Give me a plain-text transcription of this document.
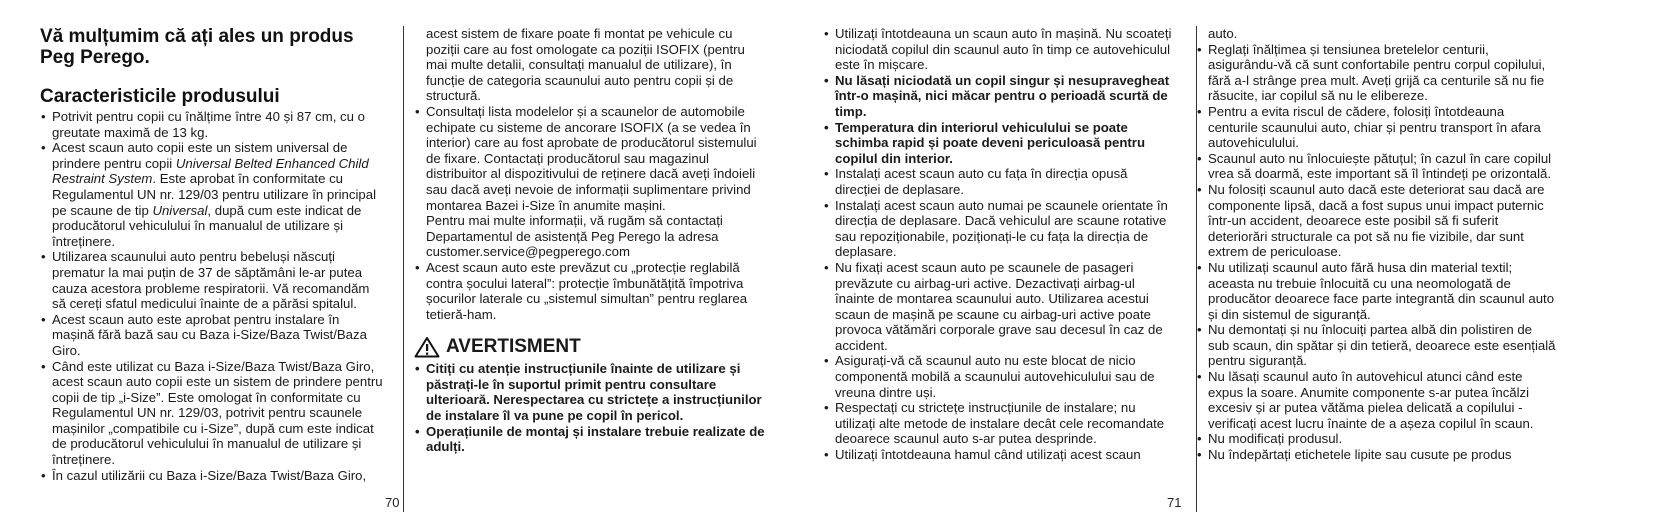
Vă mulțumim că ați ales un produs
Peg Perego.
Caracteristicile produsului
• Potrivit pentru copii cu înălțime între 40 și 87 cm, cu o greutate maximă de 13 kg.
• Acest scaun auto copii este un sistem universal de prindere pentru copii Universal Belted Enhanced Child Restraint System. Este aprobat în conformitate cu Regulamentul UN nr. 129/03 pentru utilizare în principal pe scaune de tip Universal, după cum este indicat de producătorul vehiculului în manualul de utilizare și întreținere.
• Utilizarea scaunului auto pentru bebeluși născuți prematur la mai puțin de 37 de săptămâni le-ar putea cauza acestora probleme respiratorii. Vă recomandăm să cereți sfatul medicului înainte de a părăsi spitalul.
• Acest scaun auto este aprobat pentru instalare în mașină fără bază sau cu Baza i-Size/Baza Twist/Baza Giro.
• Când este utilizat cu Baza i-Size/Baza Twist/Baza Giro, acest scaun auto copii este un sistem de prindere pentru copii de tip „i-Size”. Este omologat în conformitate cu Regulamentul UN nr. 129/03, potrivit pentru scaunele mașinilor „compatibile cu i-Size”, după cum este indicat de producătorul vehiculului în manualul de utilizare și întreținere.
• În cazul utilizării cu Baza i-Size/Baza Twist/Baza Giro,

acest sistem de fixare poate fi montat pe vehicule cu poziții care au fost omologate ca poziții ISOFIX (pentru mai multe detalii, consultați manualul de utilizare), în funcție de categoria scaunului auto pentru copii și de structură.

• Consultați lista modelelor și a scaunelor de automobile echipate cu sisteme de ancorare ISOFIX (a se vedea în interior) care au fost aprobate de producătorul sistemului de fixare. Contactați producătorul sau magazinul distribuitor al dispozitivului de reținere dacă aveți îndoieli sau dacă aveți nevoie de informații suplimentare privind montarea Bazei i-Size în anumite mașini.

Pentru mai multe informații, vă rugăm să contactați Departamentul de asistență Peg Perego la adresa customer.service@pegperego.com

• Acest scaun auto este prevăzut cu „protecție reglabilă contra șocului lateral”: protecție îmbunătățită împotriva șocurilor laterale cu „sistemul simultan” pentru reglarea tetieră-ham.
AVERTISMENT
• Citiți cu atenție instrucțiunile înainte de utilizare și păstrați-le în suportul primit pentru consultare ulterioară. Nerespectarea cu strictețe a instrucțiunilor de instalare îl va pune pe copil în pericol.
• Operațiunile de montaj și instalare trebuie realizate de adulți.
70
• Utilizați întotdeauna un scaun auto în mașină. Nu scoateți niciodată copilul din scaunul auto în timp ce autovehiculul este în mișcare.
• Nu lăsați niciodată un copil singur și nesupravegheat într-o mașină, nici măcar pentru o perioadă scurtă de timp.
• Temperatura din interiorul vehiculului se poate schimba rapid și poate deveni periculoasă pentru copilul din interior.
• Instalați acest scaun auto cu fața în direcția opusă direcției de deplasare.
• Instalați acest scaun auto numai pe scaunele orientate în direcția de deplasare. Dacă vehiculul are scaune rotative sau repoziționabile, poziționați-le cu fața la direcția de deplasare.
• Nu fixați acest scaun auto pe scaunele de pasageri prevăzute cu airbag-uri active. Dezactivați airbag-ul înainte de montarea scaunului auto. Utilizarea acestui scaun de mașină pe scaune cu airbag-uri active poate provoca vătămări corporale grave sau decesul în caz de accident.
• Asigurați-vă că scaunul auto nu este blocat de nicio componentă mobilă a scaunului autovehiculului sau de vreuna dintre uși.
• Respectați cu strictețe instrucțiunile de instalare; nu utilizați alte metode de instalare decât cele recomandate deoarece scaunul auto s-ar putea desprinde.
• Utilizați întotdeauna hamul când utilizați acest scaun

auto.

• Reglați înălțimea și tensiunea bretelelor centurii, asigurându-vă că sunt confortabile pentru corpul copilului, fără a-l strânge prea mult. Aveți grijă ca centurile să nu fie răsucite, iar copilul să nu le elibereze.
• Pentru a evita riscul de cădere, folosiți întotdeauna centurile scaunului auto, chiar și pentru transport în afara autovehiculului.
• Scaunul auto nu înlocuiește pătuțul; în cazul în care copilul vrea să doarmă, este important să îl întindeți pe orizontală.
• Nu folosiți scaunul auto dacă este deteriorat sau dacă are componente lipsă, dacă a fost supus unui impact puternic într-un accident, deoarece este posibil să fi suferit deteriorări structurale ca pot să nu fie vizibile, dar sunt extrem de periculoase.
• Nu utilizați scaunul auto fără husa din material textil; aceasta nu trebuie înlocuită cu una neomologată de producător deoarece face parte integrantă din scaunul auto și din sistemul de siguranță.
• Nu demontați și nu înlocuiți partea albă din polistiren de sub scaun, din spătar și din tetieră, deoarece este esențială pentru siguranță.
• Nu lăsați scaunul auto în autovehicul atunci când este expus la soare. Anumite componente s-ar putea încălzi excesiv și ar putea vătăma pielea delicată a copilului - verificați acest lucru înainte de a așeza copilul în scaun.
• Nu modificați produsul.
• Nu îndepărtați etichetele lipite sau cusute pe produs
71
